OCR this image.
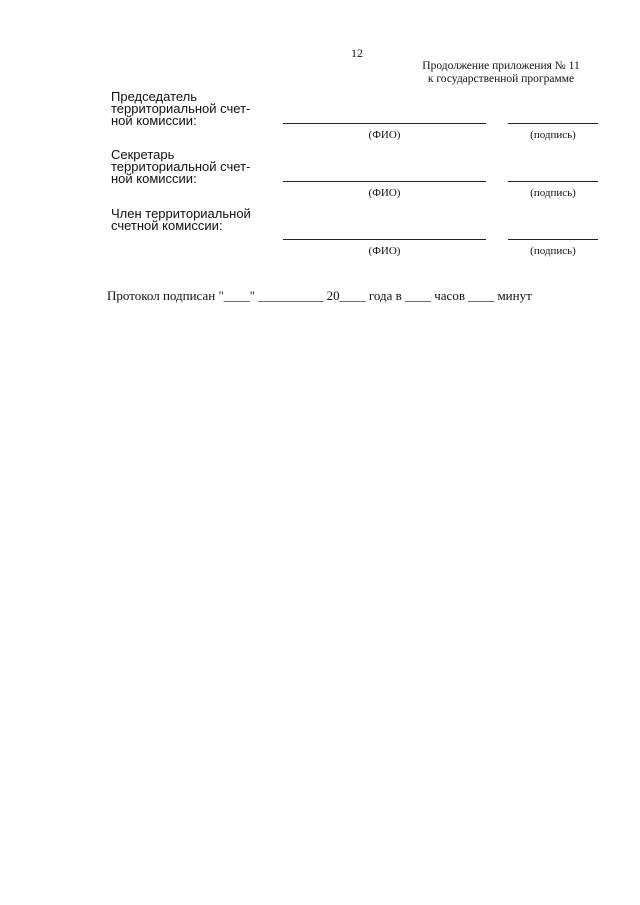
12
Продолжение приложения № 11
к государственной программе
Председатель
территориальной счет-
ной комиссии:
(ФИО)	(подпись)
Секретарь
территориальной счет-
ной комиссии:
(ФИО)	(подпись)
Член территориальной
счетной комиссии:
(ФИО)	(подпись)
Протокол подписан "____" __________ 20____ года в ____ часов ____ минут
